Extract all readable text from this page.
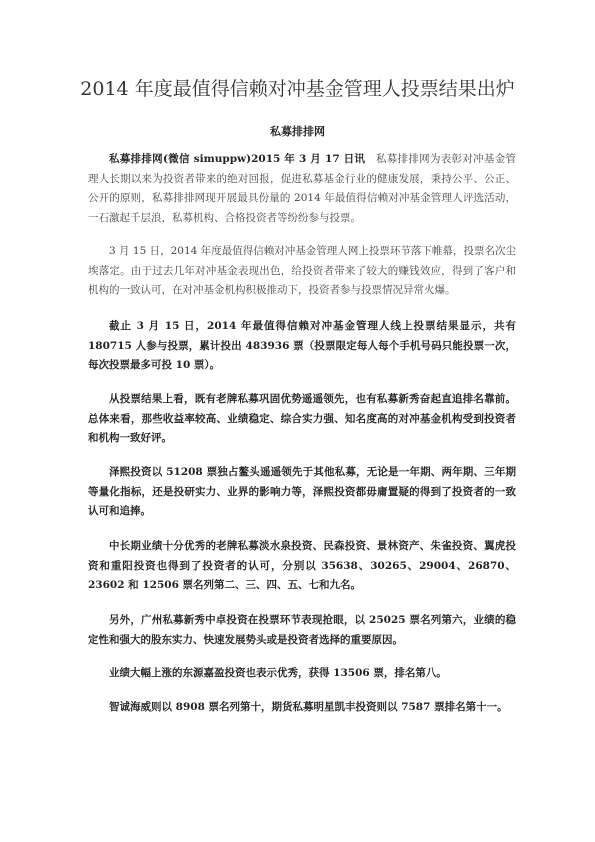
2014 年度最值得信赖对冲基金管理人投票结果出炉
私募排排网

私募排排网(微信 simuppw)2015 年 3 月 17 日讯　 私募排排网为表彰对冲基金管理人长期以来为投资者带来的绝对回报，促进私募基金行业的健康发展，秉持公平、公正、公开的原则，私募排排网现开展最具份量的 2014 年最值得信赖对冲基金管理人评选活动，一石激起千层浪，私募机构、合格投资者等纷纷参与投票。

3 月 15 日，2014 年度最值得信赖对冲基金管理人网上投票环节落下帷幕，投票名次尘埃落定。由于过去几年对冲基金表现出色，给投资者带来了较大的赚钱效应，得到了客户和机构的一致认可，在对冲基金机构积极推动下，投资者参与投票情况异常火爆。

截止 3 月 15 日，2014 年最值得信赖对冲基金管理人线上投票结果显示，共有 180715 人参与投票，累计投出 483936 票（投票限定每人每个手机号码只能投票一次，每次投票最多可投 10 票）。

从投票结果上看，既有老牌私募巩固优势遥遥领先，也有私募新秀奋起直追排名靠前。总体来看，那些收益率较高、业绩稳定、综合实力强、知名度高的对冲基金机构受到投资者和机构一致好评。

泽熙投资以 51208 票独占鳌头遥遥领先于其他私募，无论是一年期、两年期、三年期等量化指标，还是投研实力、业界的影响力等，泽熙投资都毋庸置疑的得到了投资者的一致认可和追捧。

中长期业绩十分优秀的老牌私募淡水泉投资、民森投资、景林资产、朱雀投资、翼虎投资和重阳投资也得到了投资者的认可，分别以 35638、30265、29004、26870、23602 和 12506 票名列第二、三、四、五、七和九名。

另外，广州私募新秀中卓投资在投票环节表现抢眼，以 25025 票名列第六，业绩的稳定性和强大的股东实力、快速发展势头或是投资者选择的重要原因。

业绩大幅上涨的东源嘉盈投资也表示优秀，获得 13506 票，排名第八。

智诚海威则以 8908 票名列第十，期货私募明星凯丰投资则以 7587 票排名第十一。
